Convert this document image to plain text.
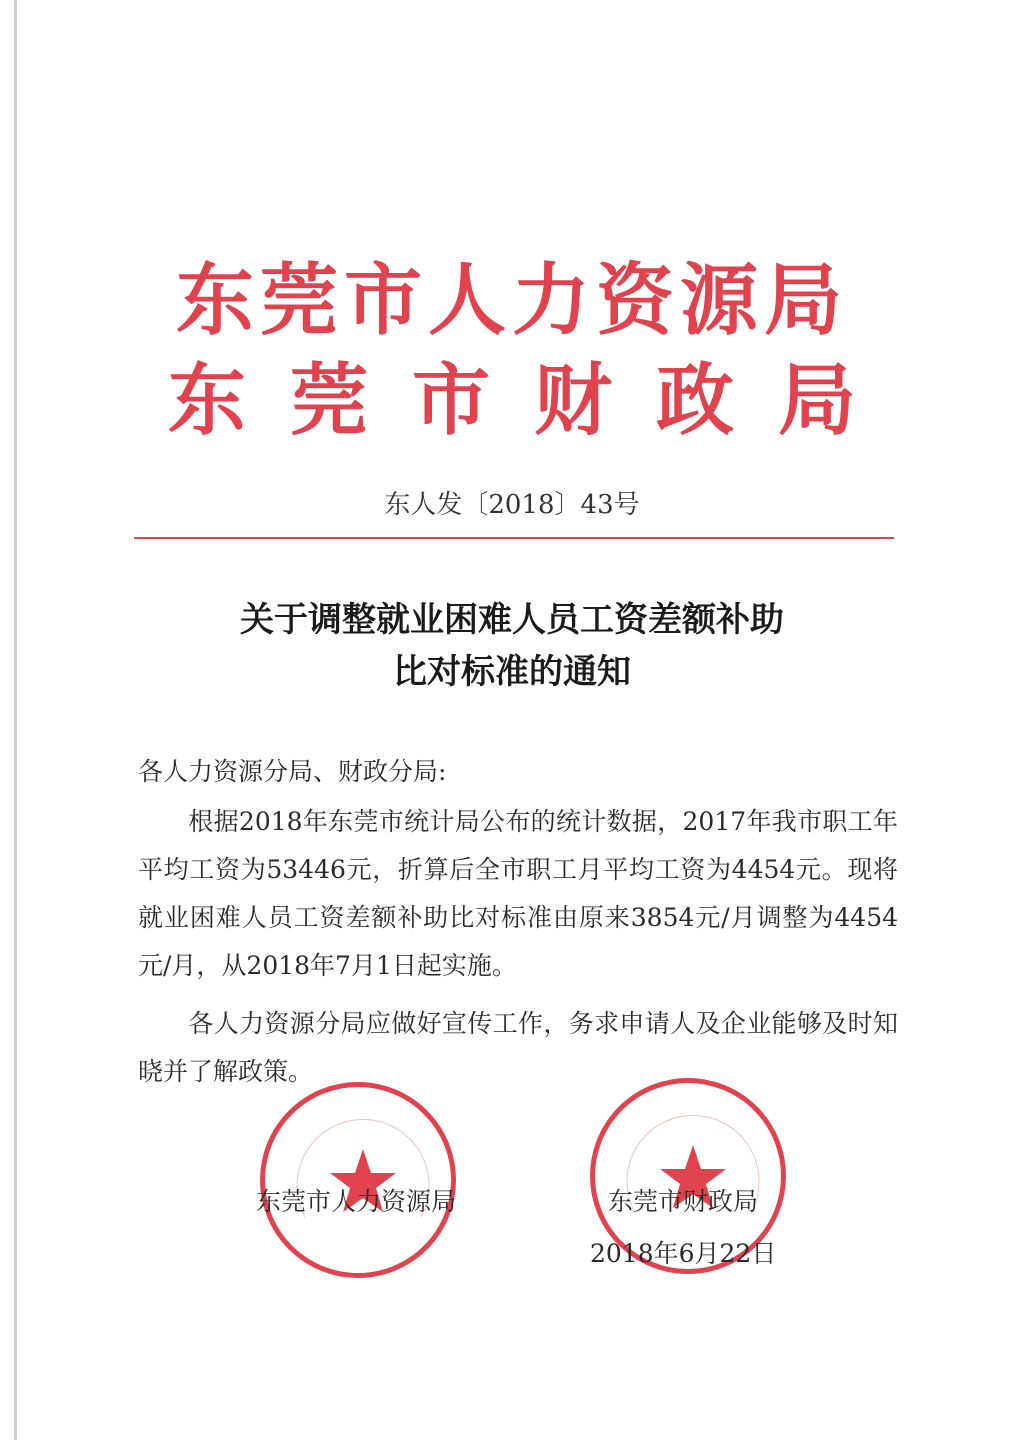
东莞市人力资源局
东莞市财政局
东人发〔2018〕43号
关于调整就业困难人员工资差额补助
比对标准的通知
各人力资源分局、财政分局:
根据2018年东莞市统计局公布的统计数据，2017年我市职工年平均工资为53446元，折算后全市职工月平均工资为4454元。现将就业困难人员工资差额补助比对标准由原来3854元/月调整为4454元/月，从2018年7月1日起实施。
各人力资源分局应做好宣传工作，务求申请人及企业能够及时知晓并了解政策。
东莞市人力资源局	东莞市财政局
2018年6月22日
